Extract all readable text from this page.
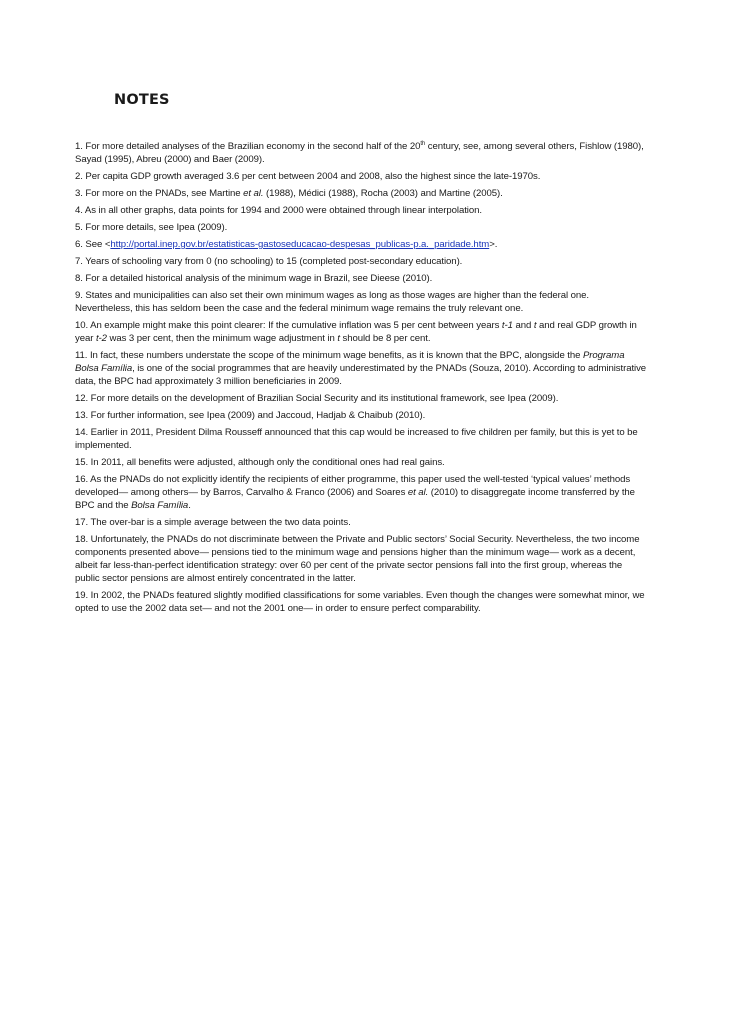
NOTES

1. For more detailed analyses of the Brazilian economy in the second half of the 20th century, see, among several others, Fishlow (1980), Sayad (1995), Abreu (2000) and Baer (2009).

2. Per capita GDP growth averaged 3.6 per cent between 2004 and 2008, also the highest since the late-1970s.

3. For more on the PNADs, see Martine et al. (1988), Médici (1988), Rocha (2003) and Martine (2005).

4. As in all other graphs, data points for 1994 and 2000 were obtained through linear interpolation.

5. For more details, see Ipea (2009).

6. See <http://portal.inep.gov.br/estatisticas-gastoseducacao-despesas_publicas-p.a._paridade.htm>.

7. Years of schooling vary from 0 (no schooling) to 15 (completed post-secondary education).

8. For a detailed historical analysis of the minimum wage in Brazil, see Dieese (2010).

9. States and municipalities can also set their own minimum wages as long as those wages are higher than the federal one. Nevertheless, this has seldom been the case and the federal minimum wage remains the truly relevant one.

10. An example might make this point clearer: If the cumulative inflation was 5 per cent between years t-1 and t and real GDP growth in year t-2 was 3 per cent, then the minimum wage adjustment in t should be 8 per cent.

11. In fact, these numbers understate the scope of the minimum wage benefits, as it is known that the BPC, alongside the Programa Bolsa Família, is one of the social programmes that are heavily underestimated by the PNADs (Souza, 2010). According to administrative data, the BPC had approximately 3 million beneficiaries in 2009.

12. For more details on the development of Brazilian Social Security and its institutional framework, see Ipea (2009).

13. For further information, see Ipea (2009) and Jaccoud, Hadjab & Chaibub (2010).

14. Earlier in 2011, President Dilma Rousseff announced that this cap would be increased to five children per family, but this is yet to be implemented.

15. In 2011, all benefits were adjusted, although only the conditional ones had real gains.

16. As the PNADs do not explicitly identify the recipients of either programme, this paper used the well-tested ‘typical values’ methods developed— among others— by Barros, Carvalho & Franco (2006) and Soares et al. (2010) to disaggregate income transferred by the BPC and the Bolsa Família.

17. The over-bar is a simple average between the two data points.

18. Unfortunately, the PNADs do not discriminate between the Private and Public sectors’ Social Security. Nevertheless, the two income components presented above— pensions tied to the minimum wage and pensions higher than the minimum wage— work as a decent, albeit far less-than-perfect identification strategy: over 60 per cent of the private sector pensions fall into the first group, whereas the public sector pensions are almost entirely concentrated in the latter.

19. In 2002, the PNADs featured slightly modified classifications for some variables. Even though the changes were somewhat minor, we opted to use the 2002 data set— and not the 2001 one— in order to ensure perfect comparability.
